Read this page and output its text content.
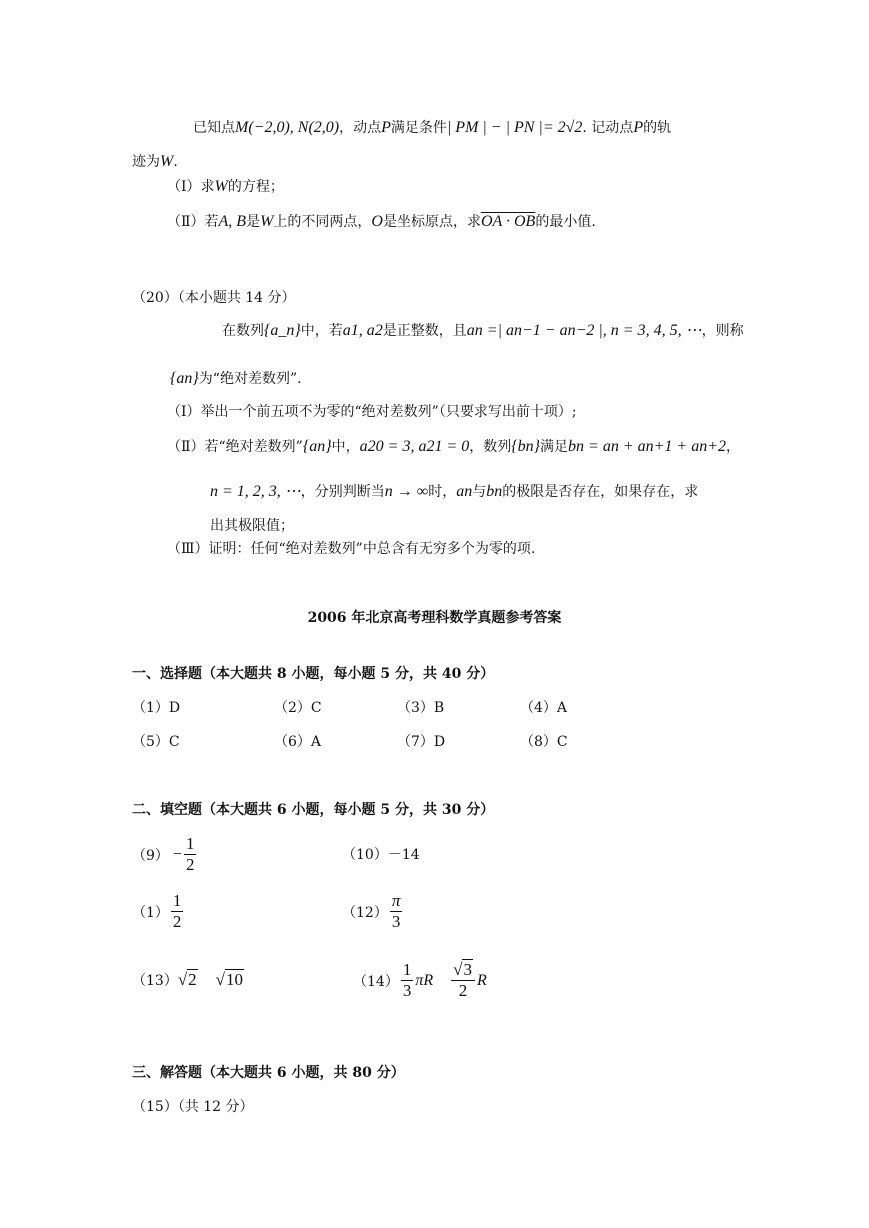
已知点M(−2,0), N(2,0)，动点P满足条件| PM | − | PN |= 2√2. 记动点P的轨
迹为W.
（Ⅰ）求W的方程；
（Ⅱ）若A, B是W上的不同两点，O是坐标原点，求OA · OB的最小值.
（20）（本小题共 14 分）
在数列{a_n}中，若a1, a2是正整数，且an =| an−1 − an−2 |, n = 3, 4, 5, ⋯，则称
{an}为“绝对差数列”.
（Ⅰ）举出一个前五项不为零的“绝对差数列”（只要求写出前十项）;
（Ⅱ）若“绝对差数列”{an}中，a20 = 3, a21 = 0，数列{bn}满足bn = an + an+1 + an+2，
n = 1, 2, 3, ⋯，分别判断当n → ∞时，an与bn的极限是否存在，如果存在，求
出其极限值；
（Ⅲ）证明：任何“绝对差数列”中总含有无穷多个为零的项.
2006 年北京高考理科数学真题参考答案
一、选择题（本大题共 8 小题，每小题 5 分，共 40 分）
（1）D	（2）C	（3）B	（4）A
（5）C	（6）A	（7）D	（8）C
二、填空题（本大题共 6 小题，每小题 5 分，共 30 分）
$(9) - \frac{1}{2}$	（10）－14
$(1) \frac{1}{2}$	$(12) \frac{\pi}{3}$
（13） √2 √10	$(14) \frac{1}{3}$ πR $\frac{√3}{2}$ R
三、解答题（本大题共 6 小题，共 80 分）
（15）（共 12 分）
